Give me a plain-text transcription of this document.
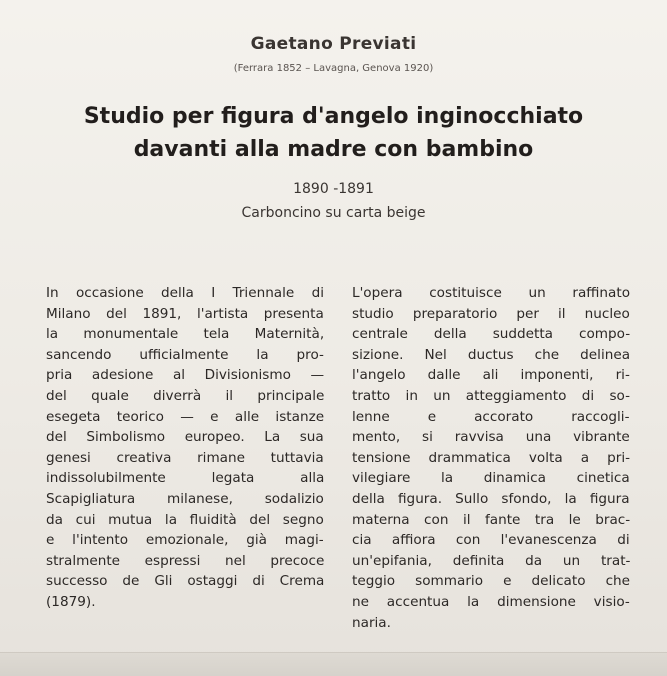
Gaetano Previati
(Ferrara 1852 – Lavagna, Genova 1920)
Studio per figura d'angelo inginocchiato
davanti alla madre con bambino
1890 -1891
Carboncino su carta beige
In occasione della I Triennale di
Milano del 1891, l'artista presenta
la monumentale tela Maternità,
sancendo ufficialmente la pro-
pria adesione al Divisionismo —
del quale diverrà il principale
esegeta teorico — e alle istanze
del Simbolismo europeo. La sua
genesi creativa rimane tuttavia
indissolubilmente legata alla
Scapigliatura milanese, sodalizio
da cui mutua la fluidità del segno
e l'intento emozionale, già magi-
stralmente espressi nel precoce
successo de Gli ostaggi di Crema
(1879).
L'opera costituisce un raffinato
studio preparatorio per il nucleo
centrale della suddetta compo-
sizione. Nel ductus che delinea
l'angelo dalle ali imponenti, ri-
tratto in un atteggiamento di so-
lenne e accorato raccogli-
mento, si ravvisa una vibrante
tensione drammatica volta a pri-
vilegiare la dinamica cinetica
della figura. Sullo sfondo, la figura
materna con il fante tra le brac-
cia affiora con l'evanescenza di
un'epifania, definita da un trat-
teggio sommario e delicato che
ne accentua la dimensione visio-
naria.
